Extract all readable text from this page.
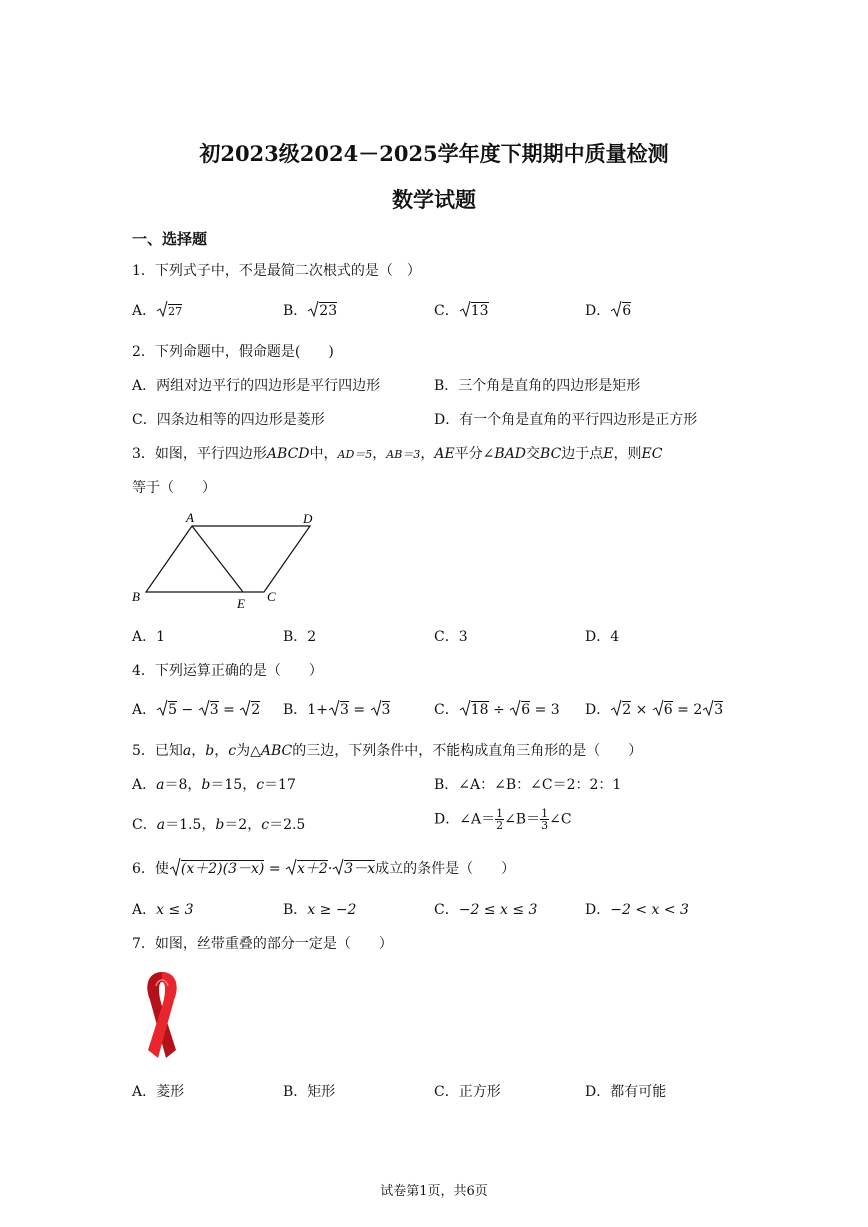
初2023级2024－2025学年度下期期中质量检测
数学试题
一、选择题
1．下列式子中，不是最简二次根式的是（　）
A． 27	B． 23	C． 13	D． 6
2．下列命题中，假命题是(　　)
A．两组对边平行的四边形是平行四边形	B．三个角是直角的四边形是矩形
C．四条边相等的四边形是菱形	D．有一个角是直角的平行四边形是正方形
3．如图，平行四边形ABCD中，AD＝5，AB＝3，AE平分∠BAD交BC边于点E，则EC
等于（　　）
A	D
B	E C
A．1	B．2	C．3	D．4
4．下列运算正确的是（　　）
A． 5 − 3 = 2 B．1+ 3 = 3	C． 18 ÷ 6 = 3 D． 2 × 6 = 2 3
5．已知a，b，c为△ABC的三边，下列条件中，不能构成直角三角形的是（　　）
A．a＝8，b＝15，c＝17	B．∠A：∠B：∠C＝2：2：1
C．a＝1.5，b＝2，c＝2.5	D．∠A＝ $\frac{1}{2}$ ∠B＝ $\frac{1}{3}$ ∠C
6．使 (x＋2)(3－x) = x＋2· 3－x成立的条件是（　　）
A．x ≤ 3	B．x ≥ −2	C．−2 ≤ x ≤ 3	D．−2 < x < 3
7．如图，丝带重叠的部分一定是（　　）
A．菱形	B．矩形	C．正方形	D．都有可能
试卷第1页，共6页
